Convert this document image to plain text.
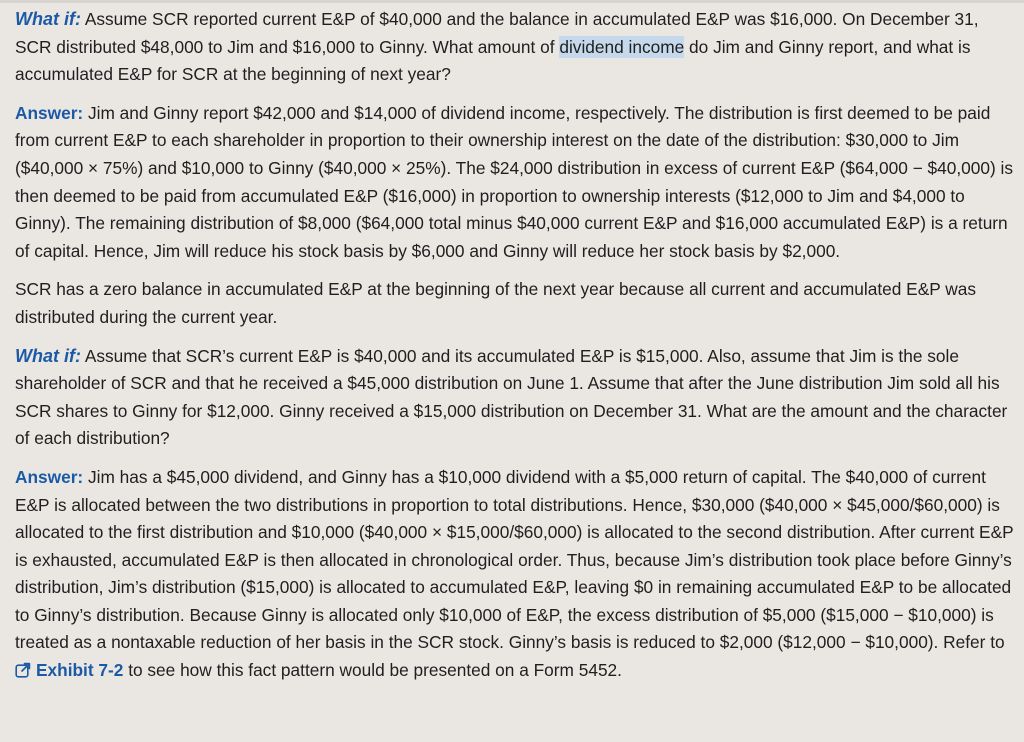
What if: Assume SCR reported current E&P of $40,000 and the balance in accumulated E&P was $16,000. On December 31, SCR distributed $48,000 to Jim and $16,000 to Ginny. What amount of dividend income do Jim and Ginny report, and what is accumulated E&P for SCR at the beginning of next year?

Answer: Jim and Ginny report $42,000 and $14,000 of dividend income, respectively. The distribution is first deemed to be paid from current E&P to each shareholder in proportion to their ownership interest on the date of the distribution: $30,000 to Jim ($40,000 × 75%) and $10,000 to Ginny ($40,000 × 25%). The $24,000 distribution in excess of current E&P ($64,000 − $40,000) is then deemed to be paid from accumulated E&P ($16,000) in proportion to ownership interests ($12,000 to Jim and $4,000 to Ginny). The remaining distribution of $8,000 ($64,000 total minus $40,000 current E&P and $16,000 accumulated E&P) is a return of capital. Hence, Jim will reduce his stock basis by $6,000 and Ginny will reduce her stock basis by $2,000.

SCR has a zero balance in accumulated E&P at the beginning of the next year because all current and accumulated E&P was distributed during the current year.

What if: Assume that SCR’s current E&P is $40,000 and its accumulated E&P is $15,000. Also, assume that Jim is the sole shareholder of SCR and that he received a $45,000 distribution on June 1. Assume that after the June distribution Jim sold all his SCR shares to Ginny for $12,000. Ginny received a $15,000 distribution on December 31. What are the amount and the character of each distribution?

Answer: Jim has a $45,000 dividend, and Ginny has a $10,000 dividend with a $5,000 return of capital. The $40,000 of current E&P is allocated between the two distributions in proportion to total distributions. Hence, $30,000 ($40,000 × $45,000/$60,000) is allocated to the first distribution and $10,000 ($40,000 × $15,000/$60,000) is allocated to the second distribution. After current E&P is exhausted, accumulated E&P is then allocated in chronological order. Thus, because Jim’s distribution took place before Ginny’s distribution, Jim’s distribution ($15,000) is allocated to accumulated E&P, leaving $0 in remaining accumulated E&P to be allocated to Ginny’s distribution. Because Ginny is allocated only $10,000 of E&P, the excess distribution of $5,000 ($15,000 − $10,000) is treated as a nontaxable reduction of her basis in the SCR stock. Ginny’s basis is reduced to $2,000 ($12,000 − $10,000). Refer to Exhibit 7-2 to see how this fact pattern would be presented on a Form 5452.
